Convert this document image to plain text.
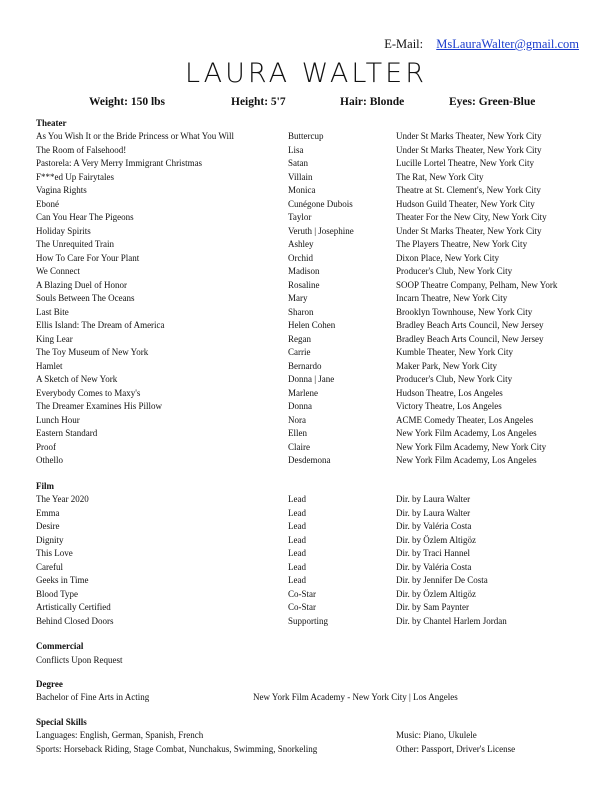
E-Mail: MsLauraWalter@gmail.com
LAURA WALTER
Weight: 150 lbs	Height: 5'7	Hair: Blonde	Eyes: Green-Blue
Theater
As You Wish It or the Bride Princess or What You Will	Buttercup	Under St Marks Theater, New York City
The Room of Falsehood!	Lisa	Under St Marks Theater, New York City
Pastorela: A Very Merry Immigrant Christmas	Satan	Lucille Lortel Theatre, New York City
F***ed Up Fairytales	Villain	The Rat, New York City
Vagina Rights	Monica	Theatre at St. Clement's, New York City
Eboné	Cunégone Dubois	Hudson Guild Theater, New York City
Can You Hear The Pigeons	Taylor	Theater For the New City, New York City
Holiday Spirits	Veruth | Josephine	Under St Marks Theater, New York City
The Unrequited Train	Ashley	The Players Theatre, New York City
How To Care For Your Plant	Orchid	Dixon Place, New York City
We Connect	Madison	Producer's Club, New York City
A Blazing Duel of Honor	Rosaline	SOOP Theatre Company, Pelham, New York
Souls Between The Oceans	Mary	Incarn Theatre, New York City
Last Bite	Sharon	Brooklyn Townhouse, New York City
Ellis Island: The Dream of America	Helen Cohen	Bradley Beach Arts Council, New Jersey
King Lear	Regan	Bradley Beach Arts Council, New Jersey
The Toy Museum of New York	Carrie	Kumble Theater, New York City
Hamlet	Bernardo	Maker Park, New York City
A Sketch of New York	Donna | Jane	Producer's Club, New York City
Everybody Comes to Maxy's	Marlene	Hudson Theatre, Los Angeles
The Dreamer Examines His Pillow	Donna	Victory Theatre, Los Angeles
Lunch Hour	Nora	ACME Comedy Theater, Los Angeles
Eastern Standard	Ellen	New York Film Academy, Los Angeles
Proof	Claire	New York Film Academy, New York City
Othello	Desdemona	New York Film Academy, Los Angeles
Film
The Year 2020	Lead	Dir. by Laura Walter
Emma	Lead	Dir. by Laura Walter
Desire	Lead	Dir. by Valéria Costa
Dignity	Lead	Dir. by Özlem Altigöz
This Love	Lead	Dir. by Traci Hannel
Careful	Lead	Dir. by Valéria Costa
Geeks in Time	Lead	Dir. by Jennifer De Costa
Blood Type	Co-Star	Dir. by Özlem Altigöz
Artistically Certified	Co-Star	Dir. by Sam Paynter
Behind Closed Doors	Supporting	Dir. by Chantel Harlem Jordan
Commercial
Conflicts Upon Request
Degree
Bachelor of Fine Arts in Acting	New York Film Academy - New York City | Los Angeles
Special Skills
Languages: English, German, Spanish, French	Music: Piano, Ukulele
Sports: Horseback Riding, Stage Combat, Nunchakus, Swimming, Snorkeling	Other: Passport, Driver's License
